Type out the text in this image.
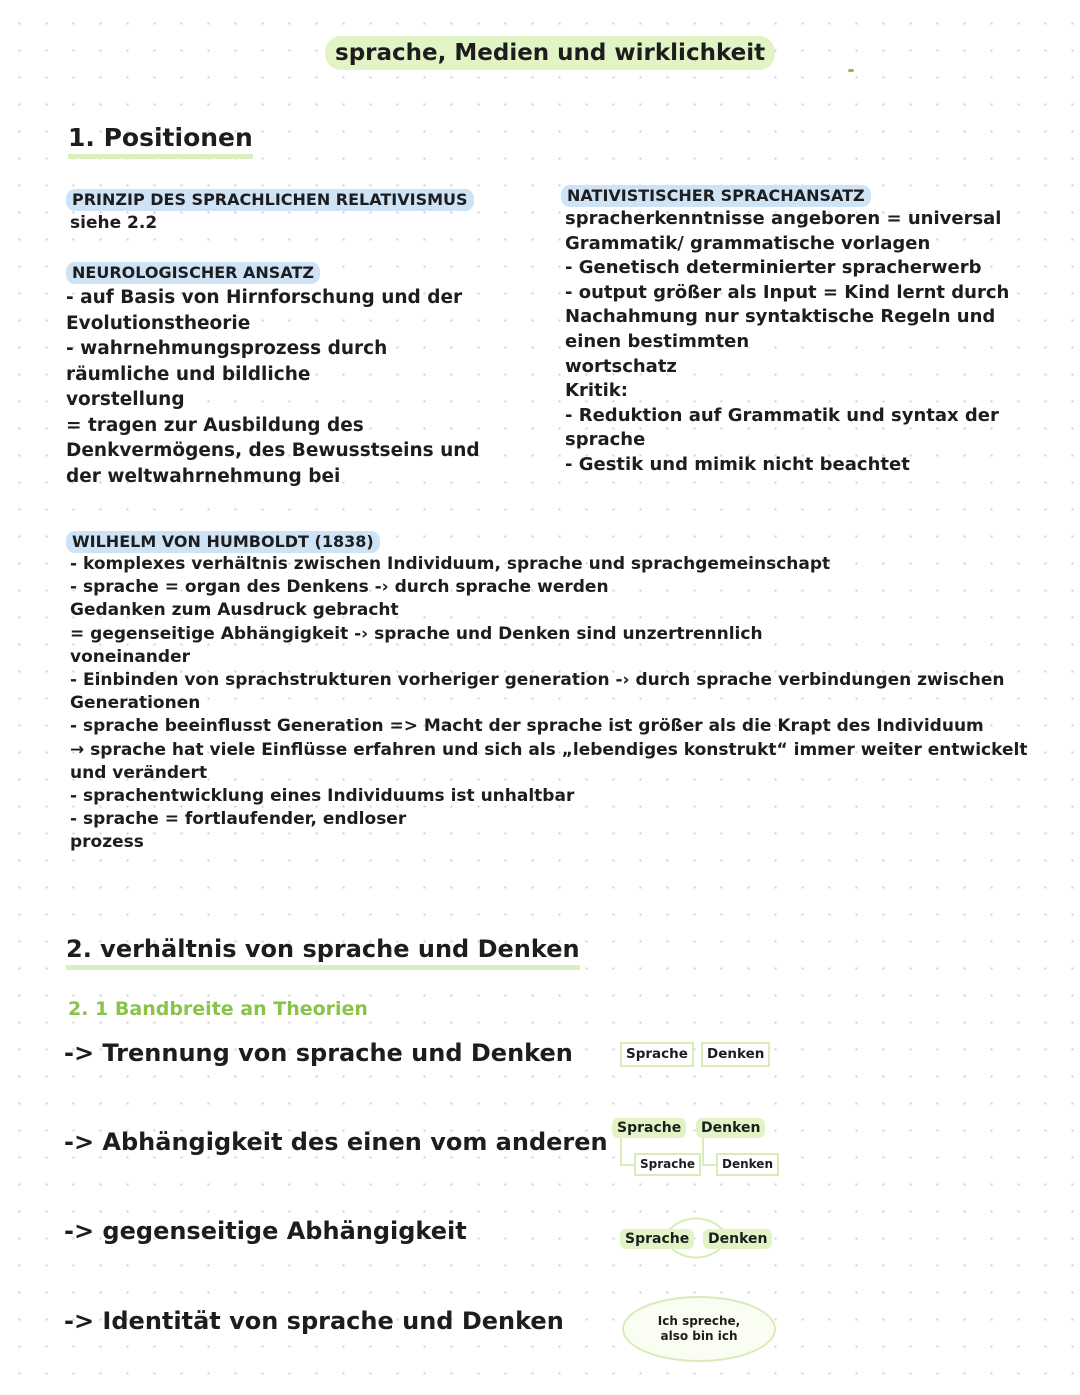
sprache, Medien und wirklichkeit
1. Positionen
PRINZIP DES SPRACHLICHEN RELATIVISMUS
siehe 2.2
NEUROLOGISCHER ANSATZ
- auf Basis von Hirnforschung und der
Evolutionstheorie
- wahrnehmungsprozess durch
räumliche und bildliche
vorstellung
= tragen zur Ausbildung des
Denkvermögens, des Bewusstseins und
der weltwahrnehmung bei
NATIVISTISCHER SPRACHANSATZ
spracherkenntnisse angeboren = universal
Grammatik/ grammatische vorlagen
- Genetisch determinierter spracherwerb
- output größer als Input = Kind lernt durch
Nachahmung nur syntaktische Regeln und
einen bestimmten
wortschatz
Kritik:
- Reduktion auf Grammatik und syntax der
sprache
- Gestik und mimik nicht beachtet
WILHELM VON HUMBOLDT (1838)
- komplexes verhältnis zwischen Individuum, sprache und sprachgemeinschapt
- sprache = organ des Denkens -› durch sprache werden
Gedanken zum Ausdruck gebracht
= gegenseitige Abhängigkeit -› sprache und Denken sind unzertrennlich
voneinander
- Einbinden von sprachstrukturen vorheriger generation -› durch sprache verbindungen zwischen
Generationen
- sprache beeinflusst Generation => Macht der sprache ist größer als die Krapt des Individuum
→ sprache hat viele Einflüsse erfahren und sich als „lebendiges konstrukt“ immer weiter entwickelt
und verändert
- sprachentwicklung eines Individuums ist unhaltbar
- sprache = fortlaufender, endloser
prozess
2. verhältnis von sprache und Denken
2. 1 Bandbreite an Theorien
-> Trennung von sprache und Denken
-> Abhängigkeit des einen vom anderen
-> gegenseitige Abhängigkeit
-> Identität von sprache und Denken
Sprache	Denken
Sprache	Denken
Sprache	Denken
Sprache	Denken
Ich spreche, also bin ich
